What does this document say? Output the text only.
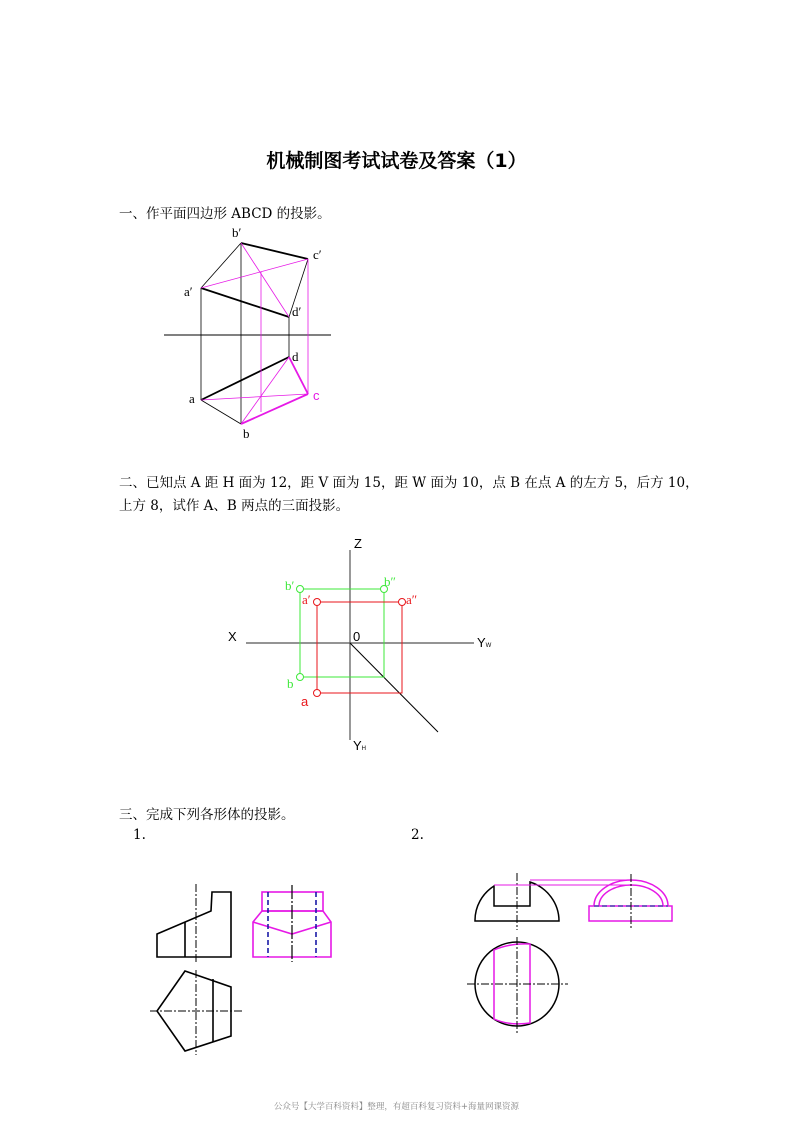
机械制图考试试卷及答案（1）
一、作平面四边形 ABCD 的投影。
二、已知点 A 距 H 面为 12，距 V 面为 15，距 W 面为 10，点 B 在点 A 的左方 5，后方 10，
上方 8，试作 A、B 两点的三面投影。
三、完成下列各形体的投影。
1.	2.
b′
c′
a′
d′
d
c
a
b
Z
X	0	YW
YH
b′	b″
b
a′	a″
a
公众号【大学百科资料】整理，有超百科复习资料+海量网课资源
